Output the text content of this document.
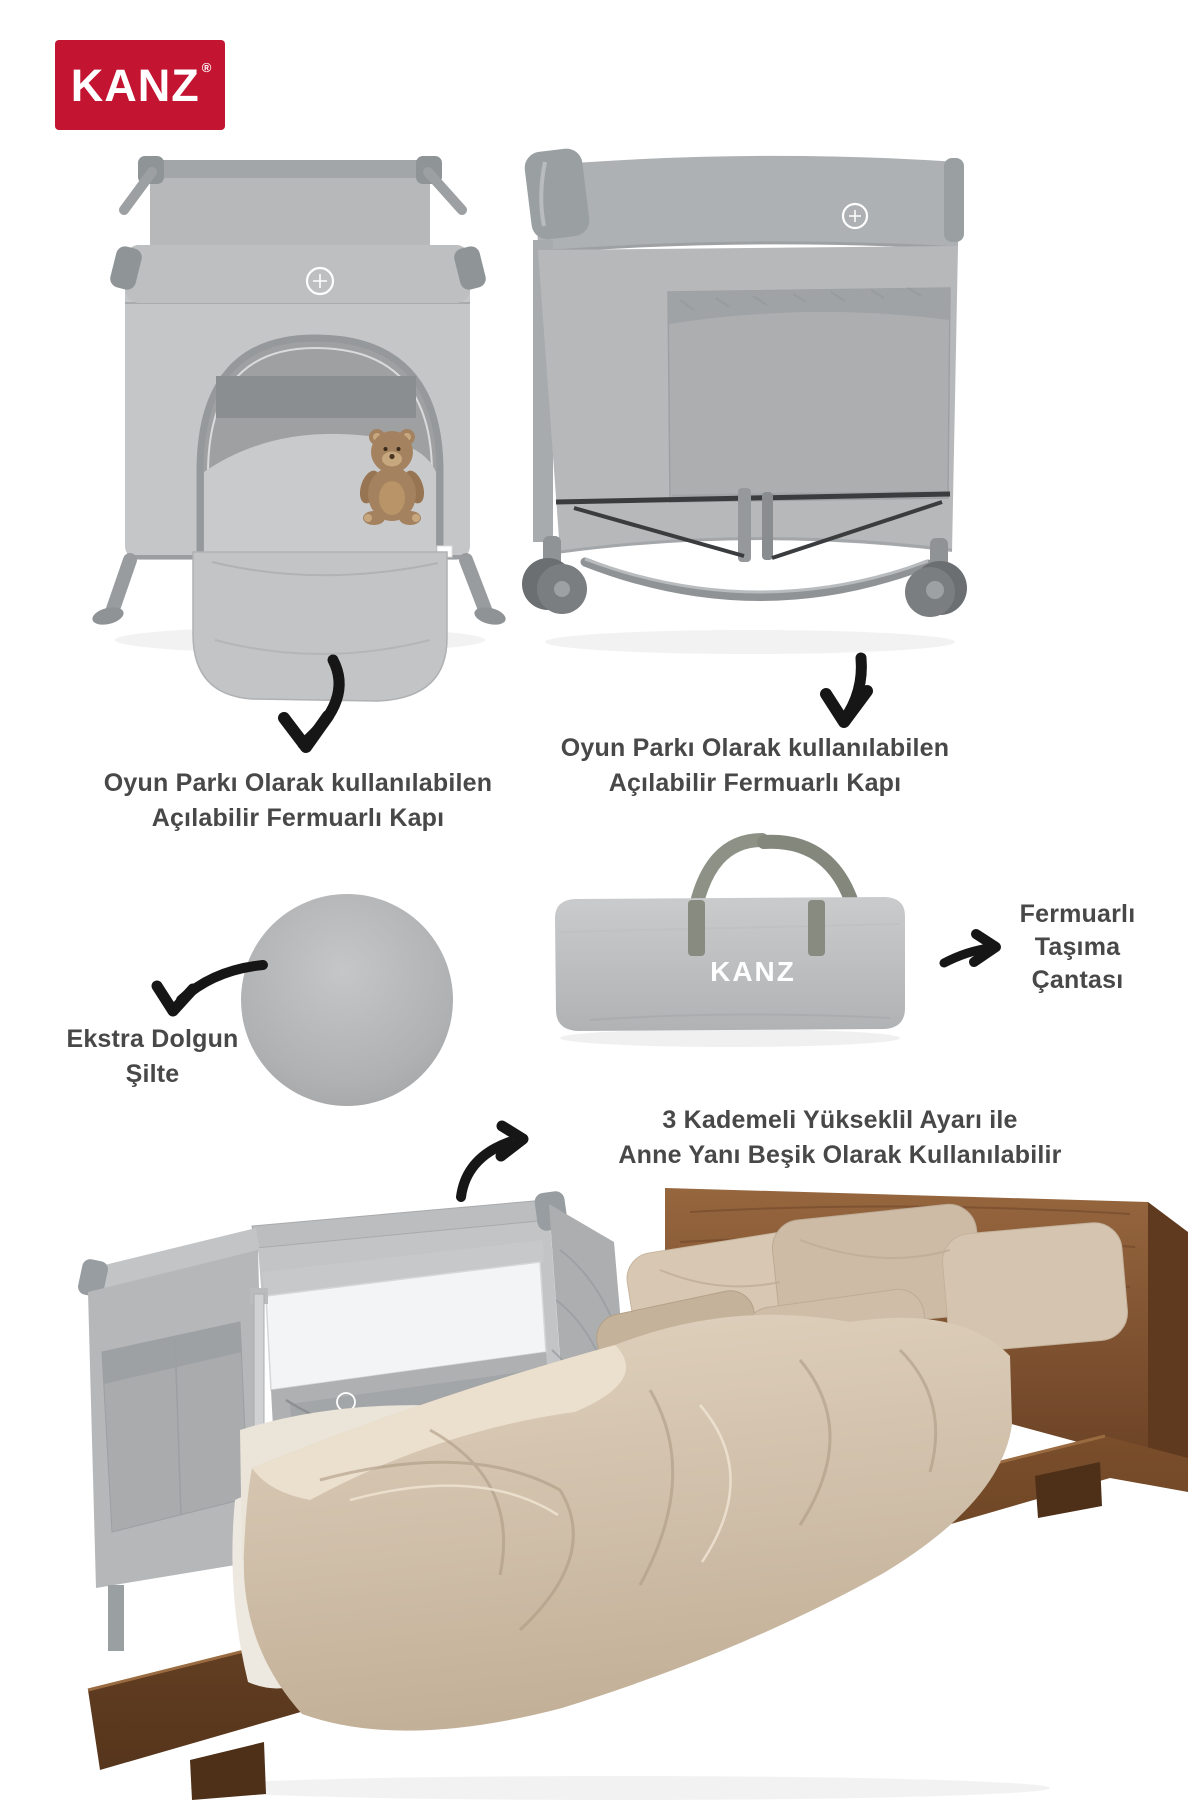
KANZ ®
KANZ
Oyun Parkı Olarak kullanılabilen
Açılabilir Fermuarlı Kapı
Oyun Parkı Olarak kullanılabilen
Açılabilir Fermuarlı Kapı
Ekstra Dolgun
Şilte
Fermuarlı
Taşıma
Çantası
3 Kademeli Yükseklil Ayarı ile
Anne Yanı Beşik Olarak Kullanılabilir
